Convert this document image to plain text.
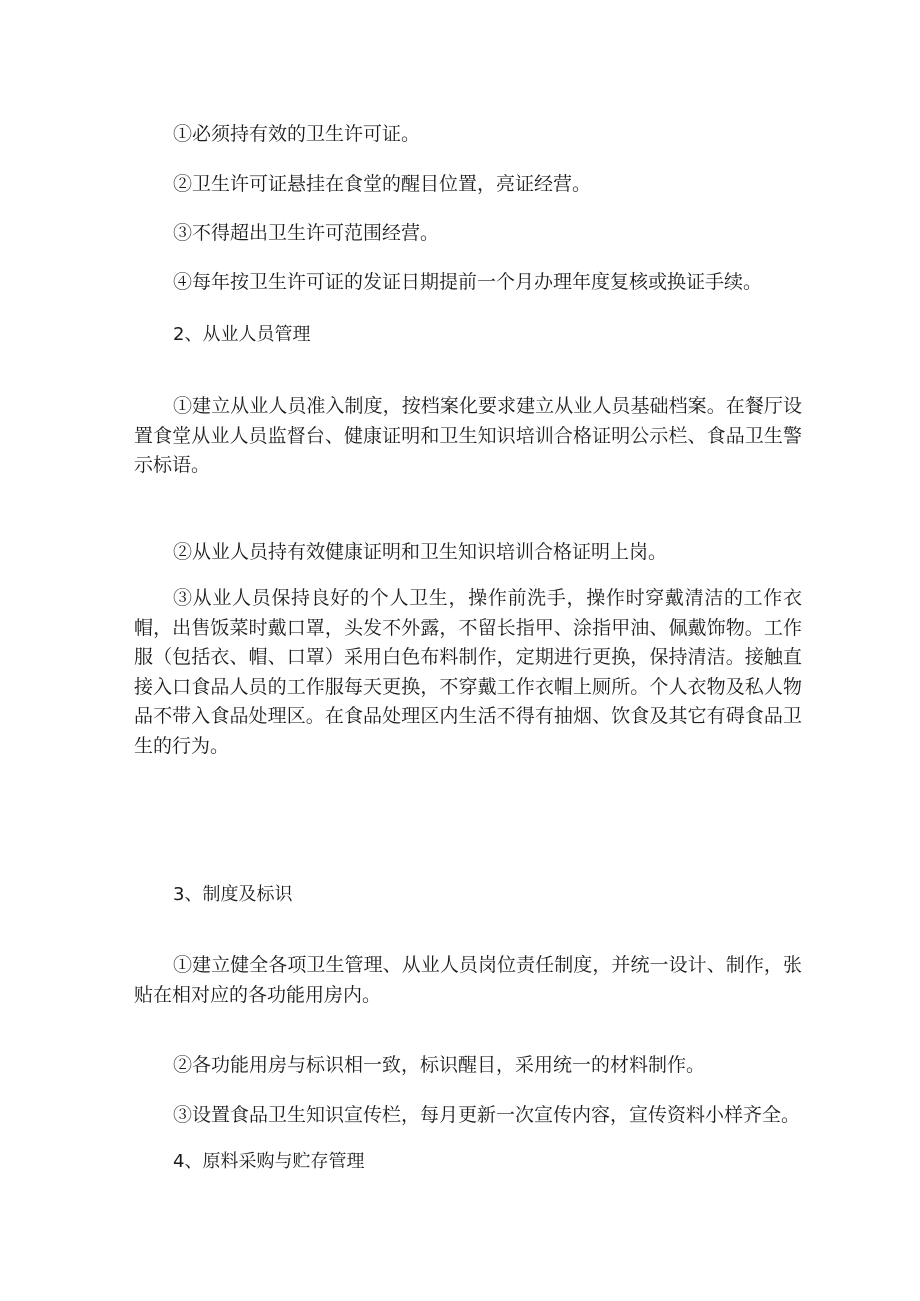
①必须持有效的卫生许可证。

②卫生许可证悬挂在食堂的醒目位置，亮证经营。

③不得超出卫生许可范围经营。

④每年按卫生许可证的发证日期提前一个月办理年度复核或换证手续。

2、从业人员管理

①建立从业人员准入制度，按档案化要求建立从业人员基础档案。在餐厅设置食堂从业人员监督台、健康证明和卫生知识培训合格证明公示栏、食品卫生警示标语。

②从业人员持有效健康证明和卫生知识培训合格证明上岗。

③从业人员保持良好的个人卫生，操作前洗手，操作时穿戴清洁的工作衣帽，出售饭菜时戴口罩，头发不外露，不留长指甲、涂指甲油、佩戴饰物。工作服（包括衣、帽、口罩）采用白色布料制作，定期进行更换，保持清洁。接触直接入口食品人员的工作服每天更换，不穿戴工作衣帽上厕所。个人衣物及私人物品不带入食品处理区。在食品处理区内生活不得有抽烟、饮食及其它有碍食品卫生的行为。

3、制度及标识

①建立健全各项卫生管理、从业人员岗位责任制度，并统一设计、制作，张贴在相对应的各功能用房内。

②各功能用房与标识相一致，标识醒目，采用统一的材料制作。

③设置食品卫生知识宣传栏，每月更新一次宣传内容，宣传资料小样齐全。

4、原料采购与贮存管理
